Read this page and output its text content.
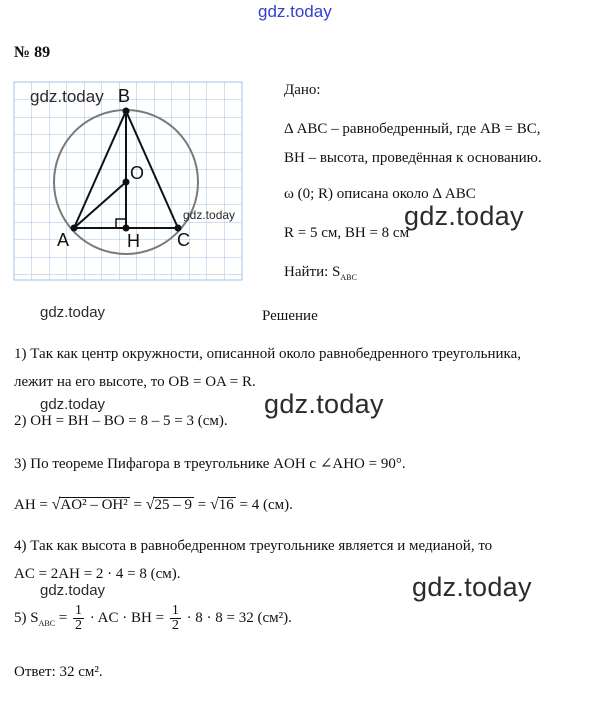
gdz.today
№ 89
B
O
A	H C
gdz.today
gdz.today
Дано:
Δ ABC – равнобедренный, где AB = BC,
BH – высота, проведённая к основанию.
ω (0; R) описана около Δ ABC
R = 5 см, BH = 8 см
Найти: $S_{ABC}$
gdz.today
gdz.today	Решение
1) Так как центр окружности, описанной около равнобедренного треугольника,
лежит на его высоте, то OB = OA = R.
gdz.today	gdz.today
2) OH = BH – BO = 8 – 5 = 3 (см).
3) По теореме Пифагора в треугольнике AOH с ∠AHO = 90°.
AH = √AO² – OH² = √25 – 9 = √16 = 4 (см).
4) Так как высота в равнобедренном треугольнике является и медианой, то
AC = 2AH = 2 · 4 = 8 (см).
gdz.today	gdz.today
5) $S_{ABC} = \frac{1}{2}$ · AC · BH = $\frac{1}{2} \cdot 8 \cdot 8 = 32$ (см²).
Ответ: 32 см².
